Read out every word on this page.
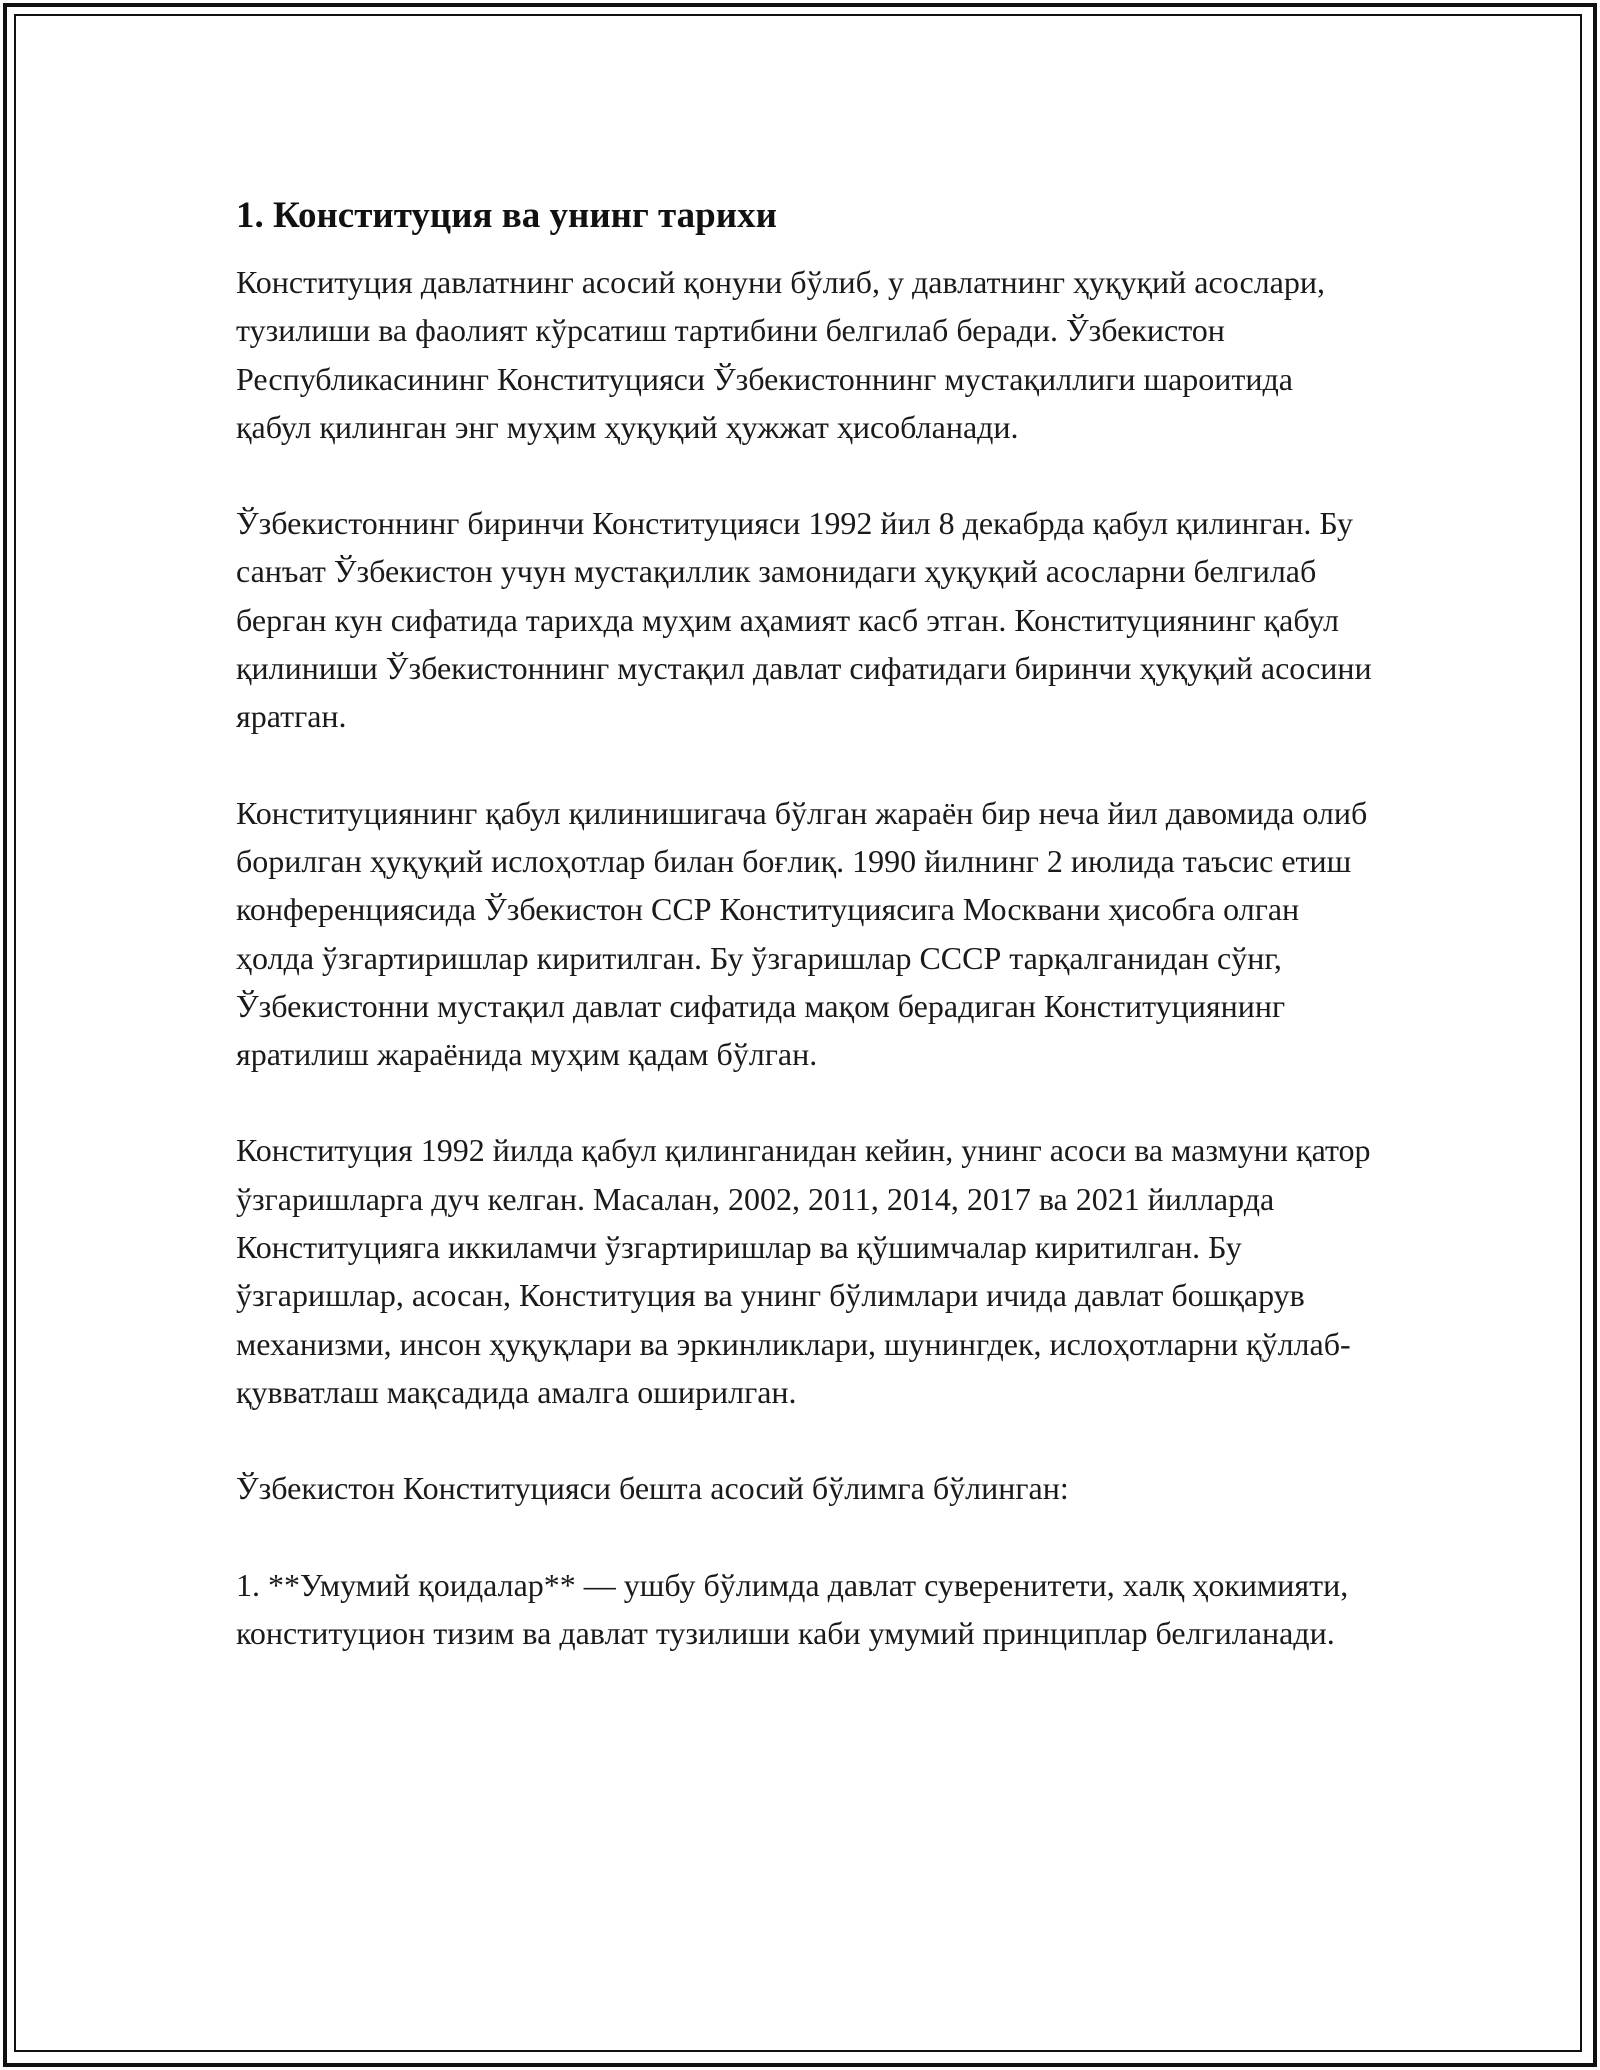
1. Конституция ва унинг тарихи

Конституция давлатнинг асосий қонуни бўлиб, у давлатнинг ҳуқуқий асослари, тузилиши ва фаолият кўрсатиш тартибини белгилаб беради. Ўзбекистон Республикасининг Конституцияси Ўзбекистоннинг мустақиллиги шароитида қабул қилинган энг муҳим ҳуқуқий ҳужжат ҳисобланади.

Ўзбекистоннинг биринчи Конституцияси 1992 йил 8 декабрда қабул қилинган. Бу санъат Ўзбекистон учун мустақиллик замонидаги ҳуқуқий асосларни белгилаб берган кун сифатида тарихда муҳим аҳамият касб этган. Конституциянинг қабул қилиниши Ўзбекистоннинг мустақил давлат сифатидаги биринчи ҳуқуқий асосини яратган.

Конституциянинг қабул қилинишигача бўлган жараён бир неча йил давомида олиб борилган ҳуқуқий ислоҳотлар билан боғлиқ. 1990 йилнинг 2 июлида таъсис етиш конференциясида Ўзбекистон ССР Конституциясига Москвани ҳисобга олган ҳолда ўзгартиришлар киритилган. Бу ўзгаришлар СССР тарқалганидан сўнг, Ўзбекистонни мустақил давлат сифатида мақом берадиган Конституциянинг яратилиш жараёнида муҳим қадам бўлган.

Конституция 1992 йилда қабул қилинганидан кейин, унинг асоси ва мазмуни қатор ўзгаришларга дуч келган. Масалан, 2002, 2011, 2014, 2017 ва 2021 йилларда Конституцияга иккиламчи ўзгартиришлар ва қўшимчалар киритилган. Бу ўзгаришлар, асосан, Конституция ва унинг бўлимлари ичида давлат бошқарув механизми, инсон ҳуқуқлари ва эркинликлари, шунингдек, ислоҳотларни қўллаб-қувватлаш мақсадида амалга оширилган.

Ўзбекистон Конституцияси бешта асосий бўлимга бўлинган:

1. **Умумий қоидалар** — ушбу бўлимда давлат суверенитети, халқ ҳокимияти, конституцион тизим ва давлат тузилиши каби умумий принциплар белгиланади.
